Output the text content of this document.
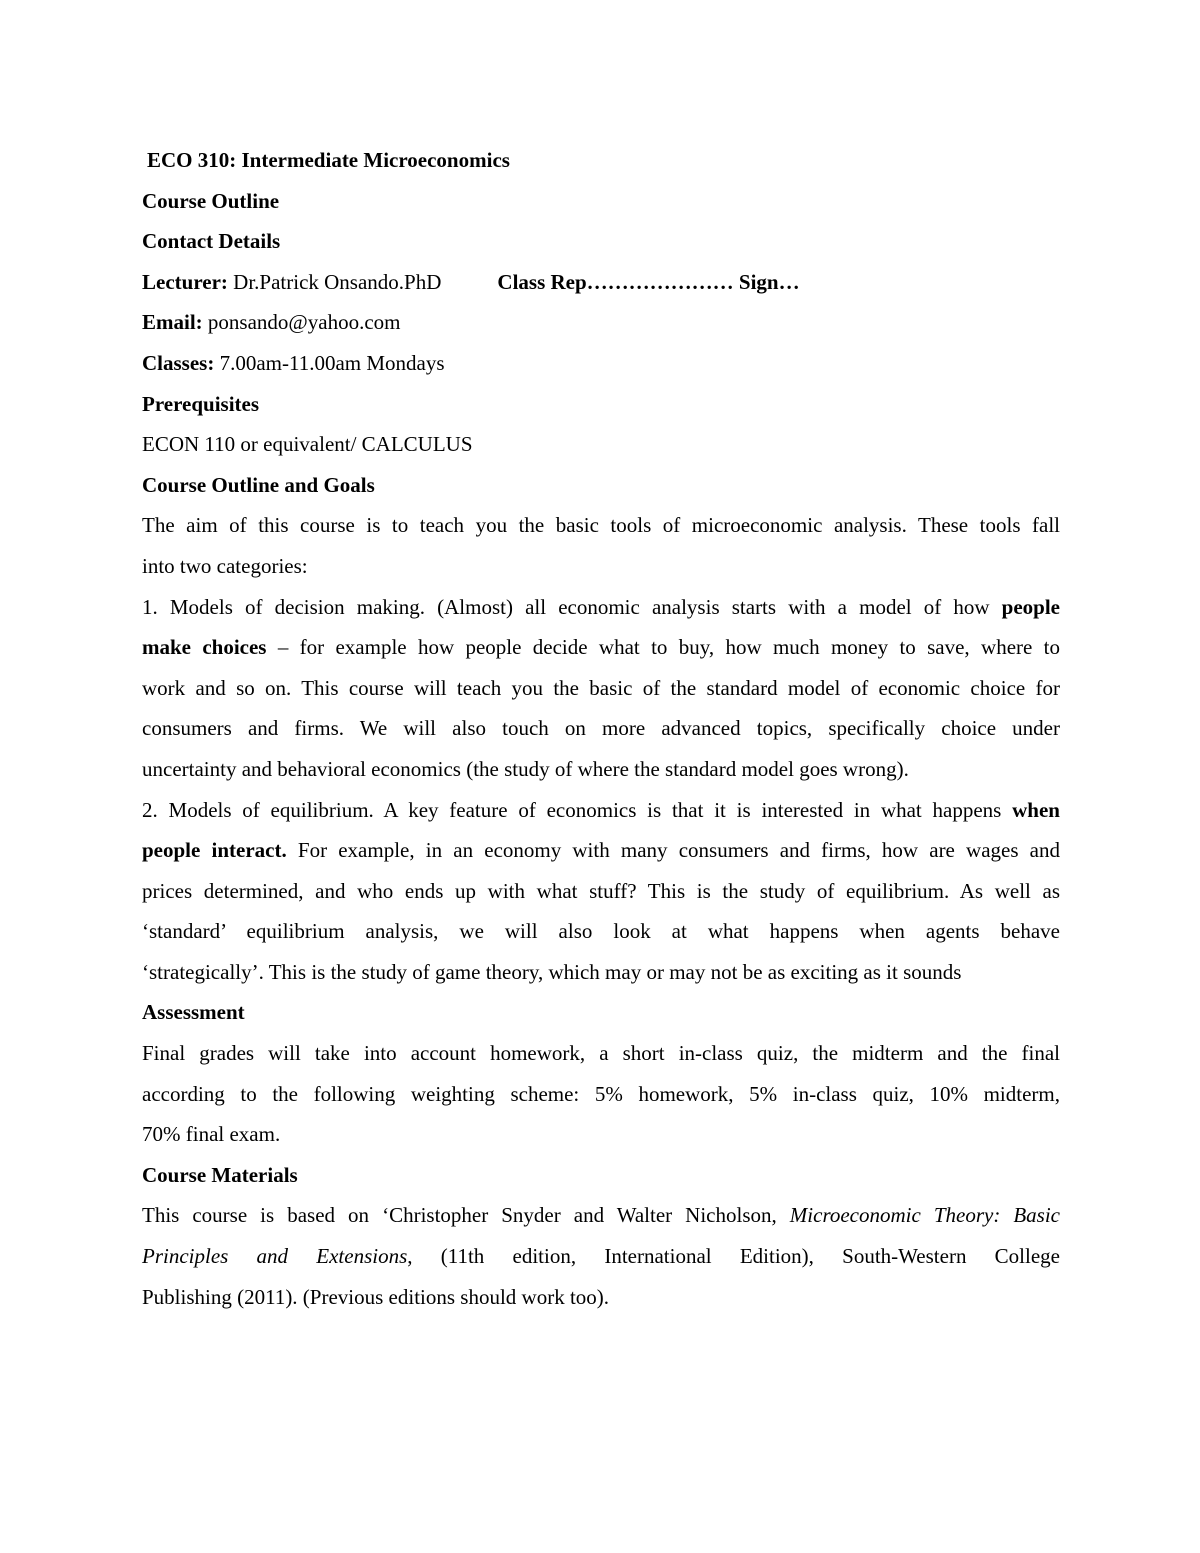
ECO 310: Intermediate Microeconomics
Course Outline
Contact Details
Lecturer: Dr.Patrick Onsando.PhD	Class Rep………………… Sign…
Email: ponsando@yahoo.com
Classes: 7.00am-11.00am Mondays
Prerequisites
ECON 110 or equivalent/ CALCULUS
Course Outline and Goals
The aim of this course is to teach you the basic tools of microeconomic analysis. These tools fall
into two categories:
1. Models of decision making. (Almost) all economic analysis starts with a model of how people
make choices – for example how people decide what to buy, how much money to save, where to
work and so on. This course will teach you the basic of the standard model of economic choice for
consumers and firms. We will also touch on more advanced topics, specifically choice under
uncertainty and behavioral economics (the study of where the standard model goes wrong).
2. Models of equilibrium. A key feature of economics is that it is interested in what happens when
people interact. For example, in an economy with many consumers and firms, how are wages and
prices determined, and who ends up with what stuff? This is the study of equilibrium. As well as
‘standard’ equilibrium analysis, we will also look at what happens when agents behave
‘strategically’. This is the study of game theory, which may or may not be as exciting as it sounds
Assessment
Final grades will take into account homework, a short in-class quiz, the midterm and the final
according to the following weighting scheme: 5% homework, 5% in-class quiz, 10% midterm,
70% final exam.
Course Materials
This course is based on ‘Christopher Snyder and Walter Nicholson, Microeconomic Theory: Basic
Principles and Extensions, (11th edition, International Edition), South-Western College
Publishing (2011). (Previous editions should work too).
